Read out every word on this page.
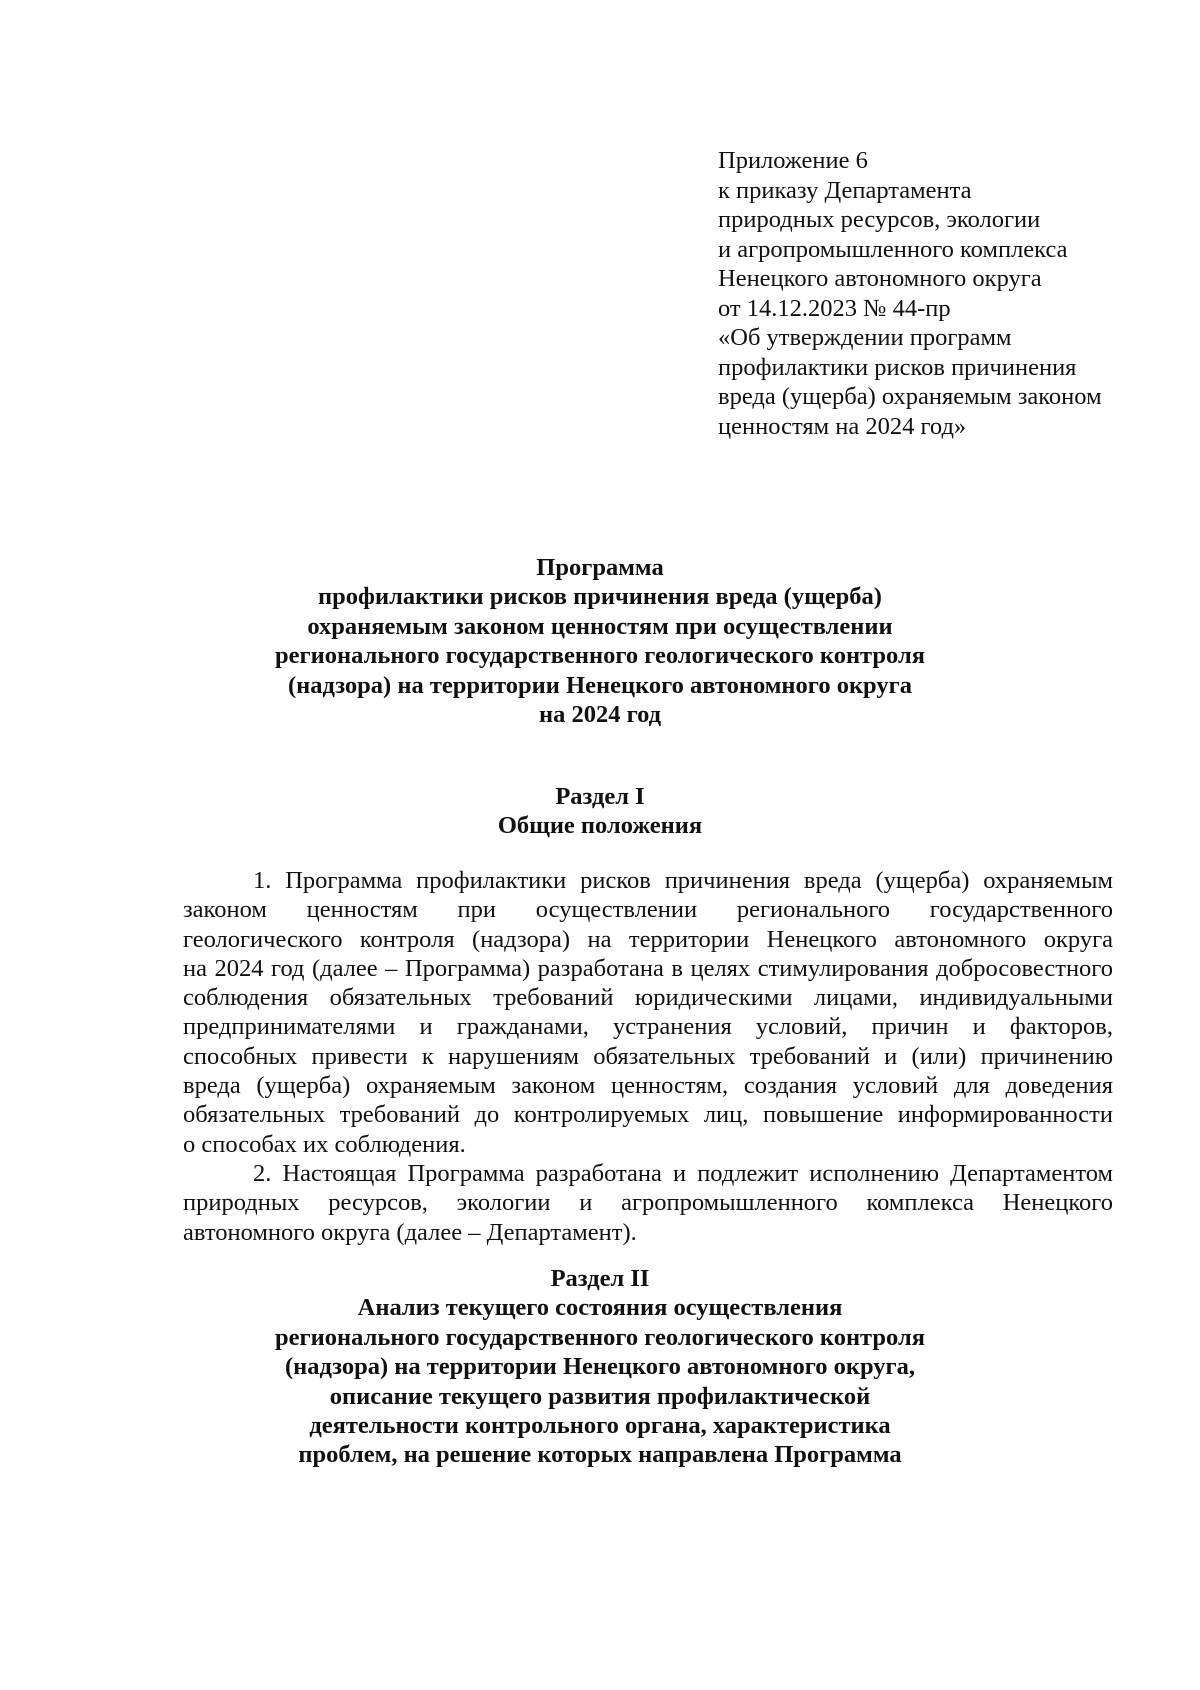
Приложение 6
к приказу Департамента
природных ресурсов, экологии
и агропромышленного комплекса
Ненецкого автономного округа
от 14.12.2023 № 44-пр
«Об утверждении программ
профилактики рисков причинения
вреда (ущерба) охраняемым законом
ценностям на 2024 год»
Программа
профилактики рисков причинения вреда (ущерба)
охраняемым законом ценностям при осуществлении
регионального государственного геологического контроля
(надзора) на территории Ненецкого автономного округа
на 2024 год
Раздел I
Общие положения
1. Программа профилактики рисков причинения вреда (ущерба) охраняемым
законом ценностям при осуществлении регионального государственного
геологического контроля (надзора) на территории Ненецкого автономного округа
на 2024 год (далее – Программа) разработана в целях стимулирования добросовестного
соблюдения обязательных требований юридическими лицами, индивидуальными
предпринимателями и гражданами, устранения условий, причин и факторов,
способных привести к нарушениям обязательных требований и (или) причинению
вреда (ущерба) охраняемым законом ценностям, создания условий для доведения
обязательных требований до контролируемых лиц, повышение информированности
о способах их соблюдения.
2. Настоящая Программа разработана и подлежит исполнению Департаментом
природных ресурсов, экологии и агропромышленного комплекса Ненецкого
автономного округа (далее – Департамент).
Раздел II
Анализ текущего состояния осуществления
регионального государственного геологического контроля
(надзора) на территории Ненецкого автономного округа,
описание текущего развития профилактической
деятельности контрольного органа, характеристика
проблем, на решение которых направлена Программа
